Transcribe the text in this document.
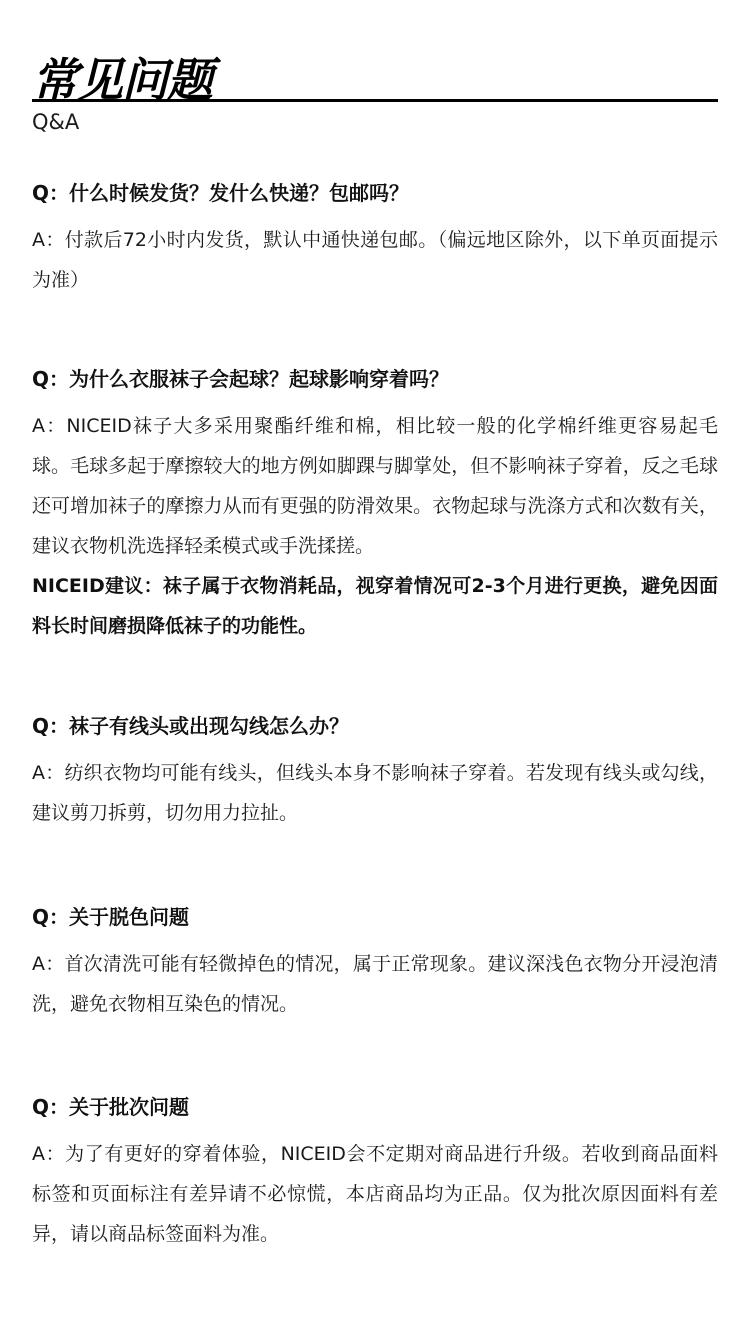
常见问题
Q&A

Q：什么时候发货？发什么快递？包邮吗？

A：付款后72小时内发货，默认中通快递包邮。（偏远地区除外，以下单页面提示为准）

Q：为什么衣服袜子会起球？起球影响穿着吗？

A：NICEID袜子大多采用聚酯纤维和棉，相比较一般的化学棉纤维更容易起毛球。毛球多起于摩擦较大的地方例如脚踝与脚掌处，但不影响袜子穿着，反之毛球还可增加袜子的摩擦力从而有更强的防滑效果。衣物起球与洗涤方式和次数有关，建议衣物机洗选择轻柔模式或手洗揉搓。

NICEID建议：袜子属于衣物消耗品，视穿着情况可2-3个月进行更换，避免因面料长时间磨损降低袜子的功能性。

Q：袜子有线头或出现勾线怎么办？

A：纺织衣物均可能有线头，但线头本身不影响袜子穿着。若发现有线头或勾线，建议剪刀拆剪，切勿用力拉扯。

Q：关于脱色问题

A：首次清洗可能有轻微掉色的情况，属于正常现象。建议深浅色衣物分开浸泡清洗，避免衣物相互染色的情况。

Q：关于批次问题

A：为了有更好的穿着体验，NICEID会不定期对商品进行升级。若收到商品面料标签和页面标注有差异请不必惊慌，本店商品均为正品。仅为批次原因面料有差异，请以商品标签面料为准。
